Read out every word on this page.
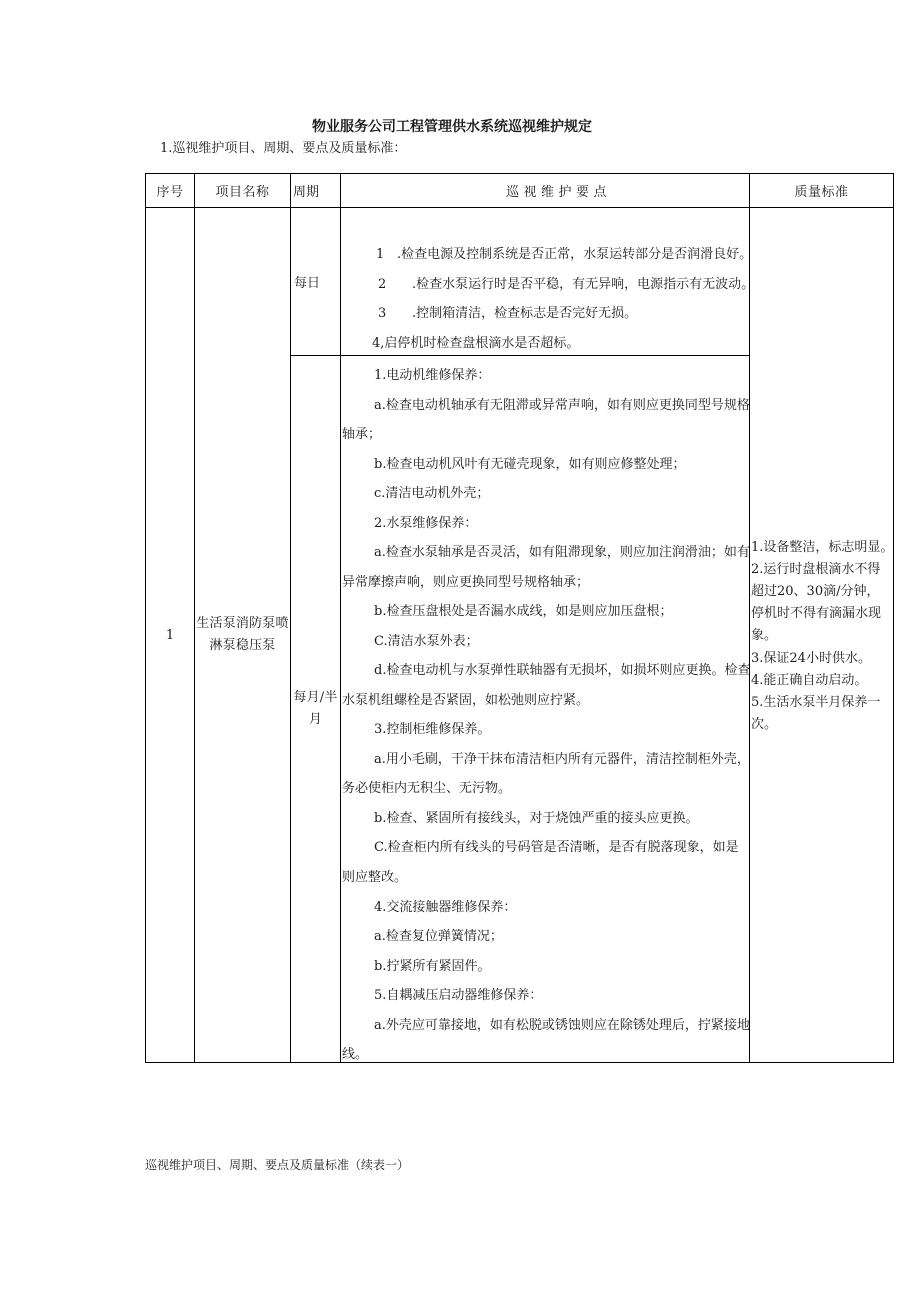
物业服务公司工程管理供水系统巡视维护规定
1.巡视维护项目、周期、要点及质量标准：
序号 项目名称 周期	巡视维护要点	质量标准
1
生活泵消防泵喷
淋泵稳压泵
每日
1 .检查电源及控制系统是否正常，水泵运转部分是否润滑良好。
2 .检查水泵运行时是否平稳，有无异响，电源指示有无波动。
3 .控制箱清洁，检查标志是否完好无损。
4,启停机时检查盘根滴水是否超标。
每月/半
月
1.电动机维修保养：
a.检查电动机轴承有无阻滞或异常声响，如有则应更换同型号规格
轴承；
b.检查电动机风叶有无碰壳现象，如有则应修整处理；
c.清洁电动机外壳；
2.水泵维修保养：
a.检查水泵轴承是否灵活，如有阻滞现象，则应加注润滑油；如有
异常摩擦声响，则应更换同型号规格轴承；
b.检查压盘根处是否漏水成线，如是则应加压盘根；
C.清洁水泵外表；
d.检查电动机与水泵弹性联轴器有无损坏，如损坏则应更换。检查
水泵机组螺栓是否紧固，如松弛则应拧紧。
3.控制柜维修保养。
a.用小毛刷，干净干抹布清洁柜内所有元器件，清洁控制柜外壳，
务必使柜内无积尘、无污物。
b.检查、紧固所有接线头，对于烧蚀严重的接头应更换。
C.检查柜内所有线头的号码管是否清晰，是否有脱落现象，如是
则应整改。
4.交流接触器维修保养：
a.检查复位弹簧情况；
b.拧紧所有紧固件。
5.自耦减压启动器维修保养：
a.外壳应可靠接地，如有松脱或锈蚀则应在除锈处理后，拧紧接地
线。
1.设备整洁，标志明显。
2.运行时盘根滴水不得
超过20、30滴/分钟，
停机时不得有滴漏水现
象。
3.保证24小时供水。
4.能正确自动启动。
5.生活水泵半月保养一
次。
巡视维护项目、周期、要点及质量标准（续表一）
